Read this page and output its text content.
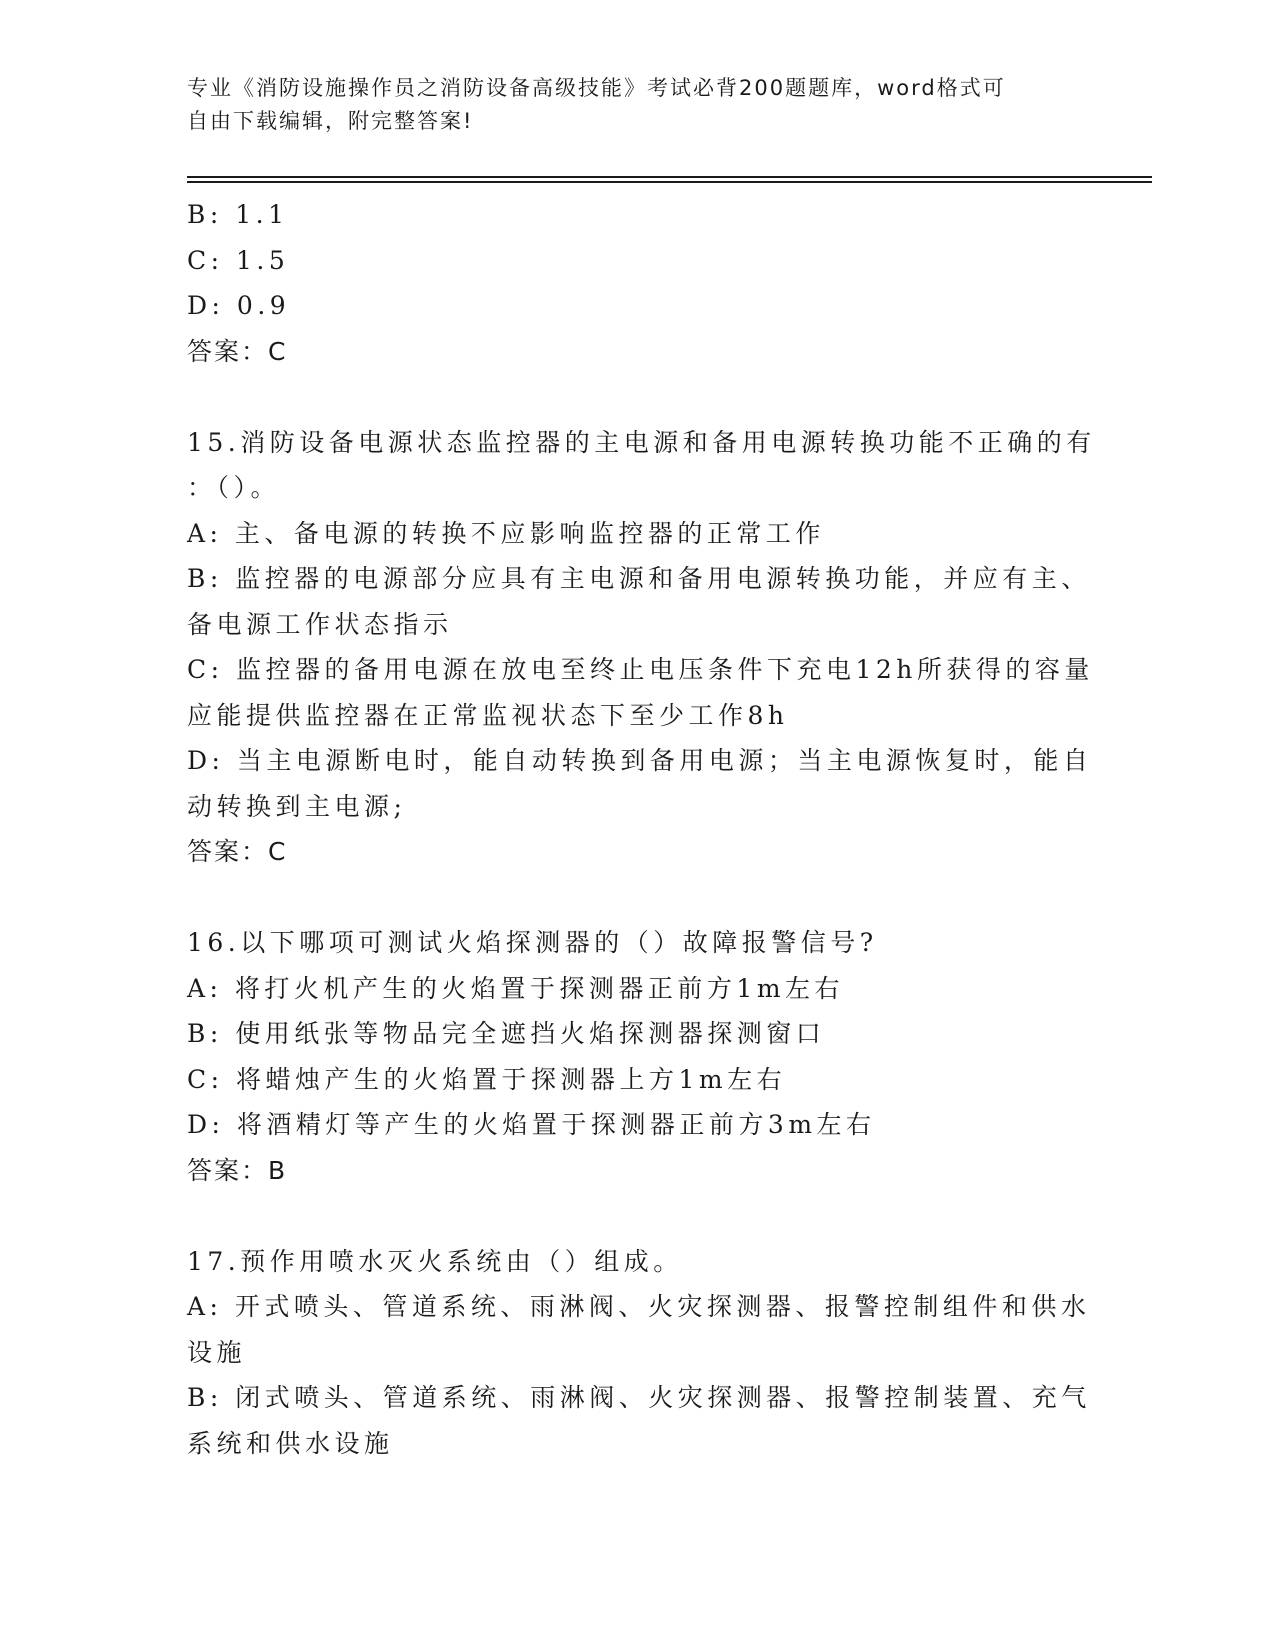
专业《消防设施操作员之消防设备高级技能》考试必背200题题库，word格式可
自由下载编辑，附完整答案!
B: 1.1
C: 1.5
D: 0.9
答案：C
15.消防设备电源状态监控器的主电源和备用电源转换功能不正确的有
：（）。
A: 主、备电源的转换不应影响监控器的正常工作
B: 监控器的电源部分应具有主电源和备用电源转换功能，并应有主、
备电源工作状态指示
C: 监控器的备用电源在放电至终止电压条件下充电12h所获得的容量
应能提供监控器在正常监视状态下至少工作8h
D: 当主电源断电时，能自动转换到备用电源；当主电源恢复时，能自
动转换到主电源;
答案：C
16.以下哪项可测试火焰探测器的（）故障报警信号?
A: 将打火机产生的火焰置于探测器正前方1m左右
B: 使用纸张等物品完全遮挡火焰探测器探测窗口
C: 将蜡烛产生的火焰置于探测器上方1m左右
D: 将酒精灯等产生的火焰置于探测器正前方3m左右
答案：B
17.预作用喷水灭火系统由（）组成。
A: 开式喷头、管道系统、雨淋阀、火灾探测器、报警控制组件和供水
设施
B: 闭式喷头、管道系统、雨淋阀、火灾探测器、报警控制装置、充气
系统和供水设施
